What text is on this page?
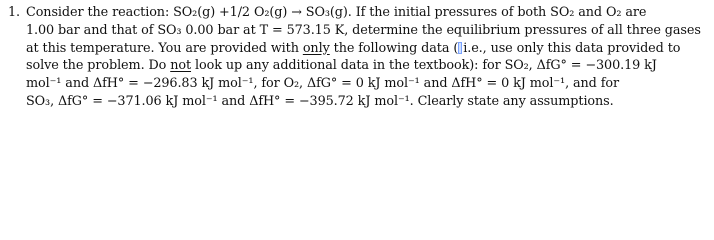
1. Consider the reaction: SO₂(g) +1/2 O₂(g) → SO₃(g). If the initial pressures of both SO₂ and O₂ are
1.00 bar and that of SO₃ 0.00 bar at T = 573.15 K, determine the equilibrium pressures of all three gases
at this temperature. You are provided with only the following data ( i.e., use only this data provided to
solve the problem. Do not look up any additional data in the textbook): for SO₂, ΔfG° = −300.19 kJ
mol⁻¹ and ΔfH° = −296.83 kJ mol⁻¹, for O₂, ΔfG° = 0 kJ mol⁻¹ and ΔfH° = 0 kJ mol⁻¹, and for
SO₃, ΔfG° = −371.06 kJ mol⁻¹ and ΔfH° = −395.72 kJ mol⁻¹. Clearly state any assumptions.
